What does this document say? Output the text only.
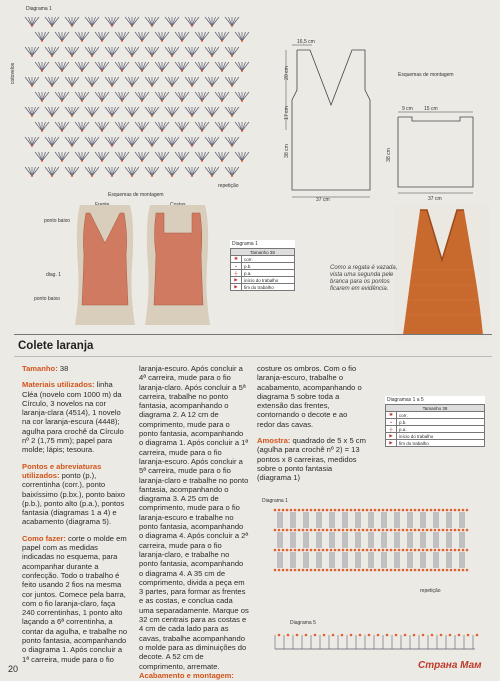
Diagrama 1
cotovelos
repetição
16,5 cm
20 cm
17 cm
38 cm
37 cm
Esquemas de montagem
9 cm 15 cm
38 cm
37 cm
Esquemas de montagem
ponto baixo
diag. 1
ponto baixo
Diagrama 1
Tamanho 38	
✱	corr.
•	p.b.
┼	p.a.
▶	início do trabalho
▶	fim do trabalho
Como a regata é vazada, vista uma segunda pele branca para os pontos ficarem em evidência.
Colete laranja

Tamanho: 38

Materiais utilizados: linha Cléa (novelo com 1000 m) da Círculo, 3 novelos na cor laranja-clara (4514), 1 novelo na cor laranja-escura (4448); agulha para crochê da Círculo nº 2 (1,75 mm); papel para molde; lápis; tesoura.

Pontos e abreviaturas utilizados: ponto (p.), correntinha (corr.), ponto baixíssimo (p.bx.), ponto baixo (p.b.), ponto alto (p.a.), pontos fantasia (diagramas 1 a 4) e acabamento (diagrama 5).

Como fazer: corte o molde em papel com as medidas indicadas no esquema, para acompanhar durante a confecção. Todo o trabalho é feito usando 2 fios na mesma cor juntos. Comece pela barra, com o fio laranja-claro, faça 240 correntinhas, 1 ponto alto laçando a 6ª correntinha, a contar da agulha, e trabalhe no ponto fantasia, acompanhando o diagrama 1. Após concluir a 1ª carreira, mude para o fio

laranja-escuro. Após concluir a 4ª carreira, mude para o fio laranja-claro. Após concluir a 5ª carreira, trabalhe no ponto fantasia, acompanhando o diagrama 2. A 12 cm de comprimento, mude para o ponto fantasia, acompanhando o diagrama 1. Após concluir a 1ª carreira, mude para o fio laranja-escuro. Após concluir a 5ª carreira, mude para o fio laranja-claro e trabalhe no ponto fantasia, acompanhando o diagrama 3. A 25 cm de comprimento, mude para o fio laranja-escuro e trabalhe no ponto fantasia, acompanhando o diagrama 4. Após concluir a 2ª carreira, mude para o fio laranja-claro, e trabalhe no ponto fantasia, acompanhando o diagrama 4. A 35 cm de comprimento, divida a peça em 3 partes, para formar as frentes e as costas, e conclua cada uma separadamente. Marque os 32 cm centrais para as costas e 4 cm de cada lado para as cavas, trabalhe acompanhando o molde para as diminuições do decote. A 52 cm de comprimento, arremate.

Acabamento e montagem:

costure os ombros. Com o fio laranja-escuro, trabalhe o acabamento, acompanhando o diagrama 5 sobre toda a extensão das frentes, contornando o decote e ao redor das cavas.

Amostra: quadrado de 5 x 5 cm (agulha para crochê nº 2) = 13 pontos x 8 carreiras, medidos sobre o ponto fantasia (diagrama 1)

Diagramas 1 a 5
Tamanho 38	
✱	corr.
•	p.b.
┼	p.a.
▶	início do trabalho
▶	fim do trabalho
Diagrama 1
repetição
Diagrama 5
20	Страна Мам
